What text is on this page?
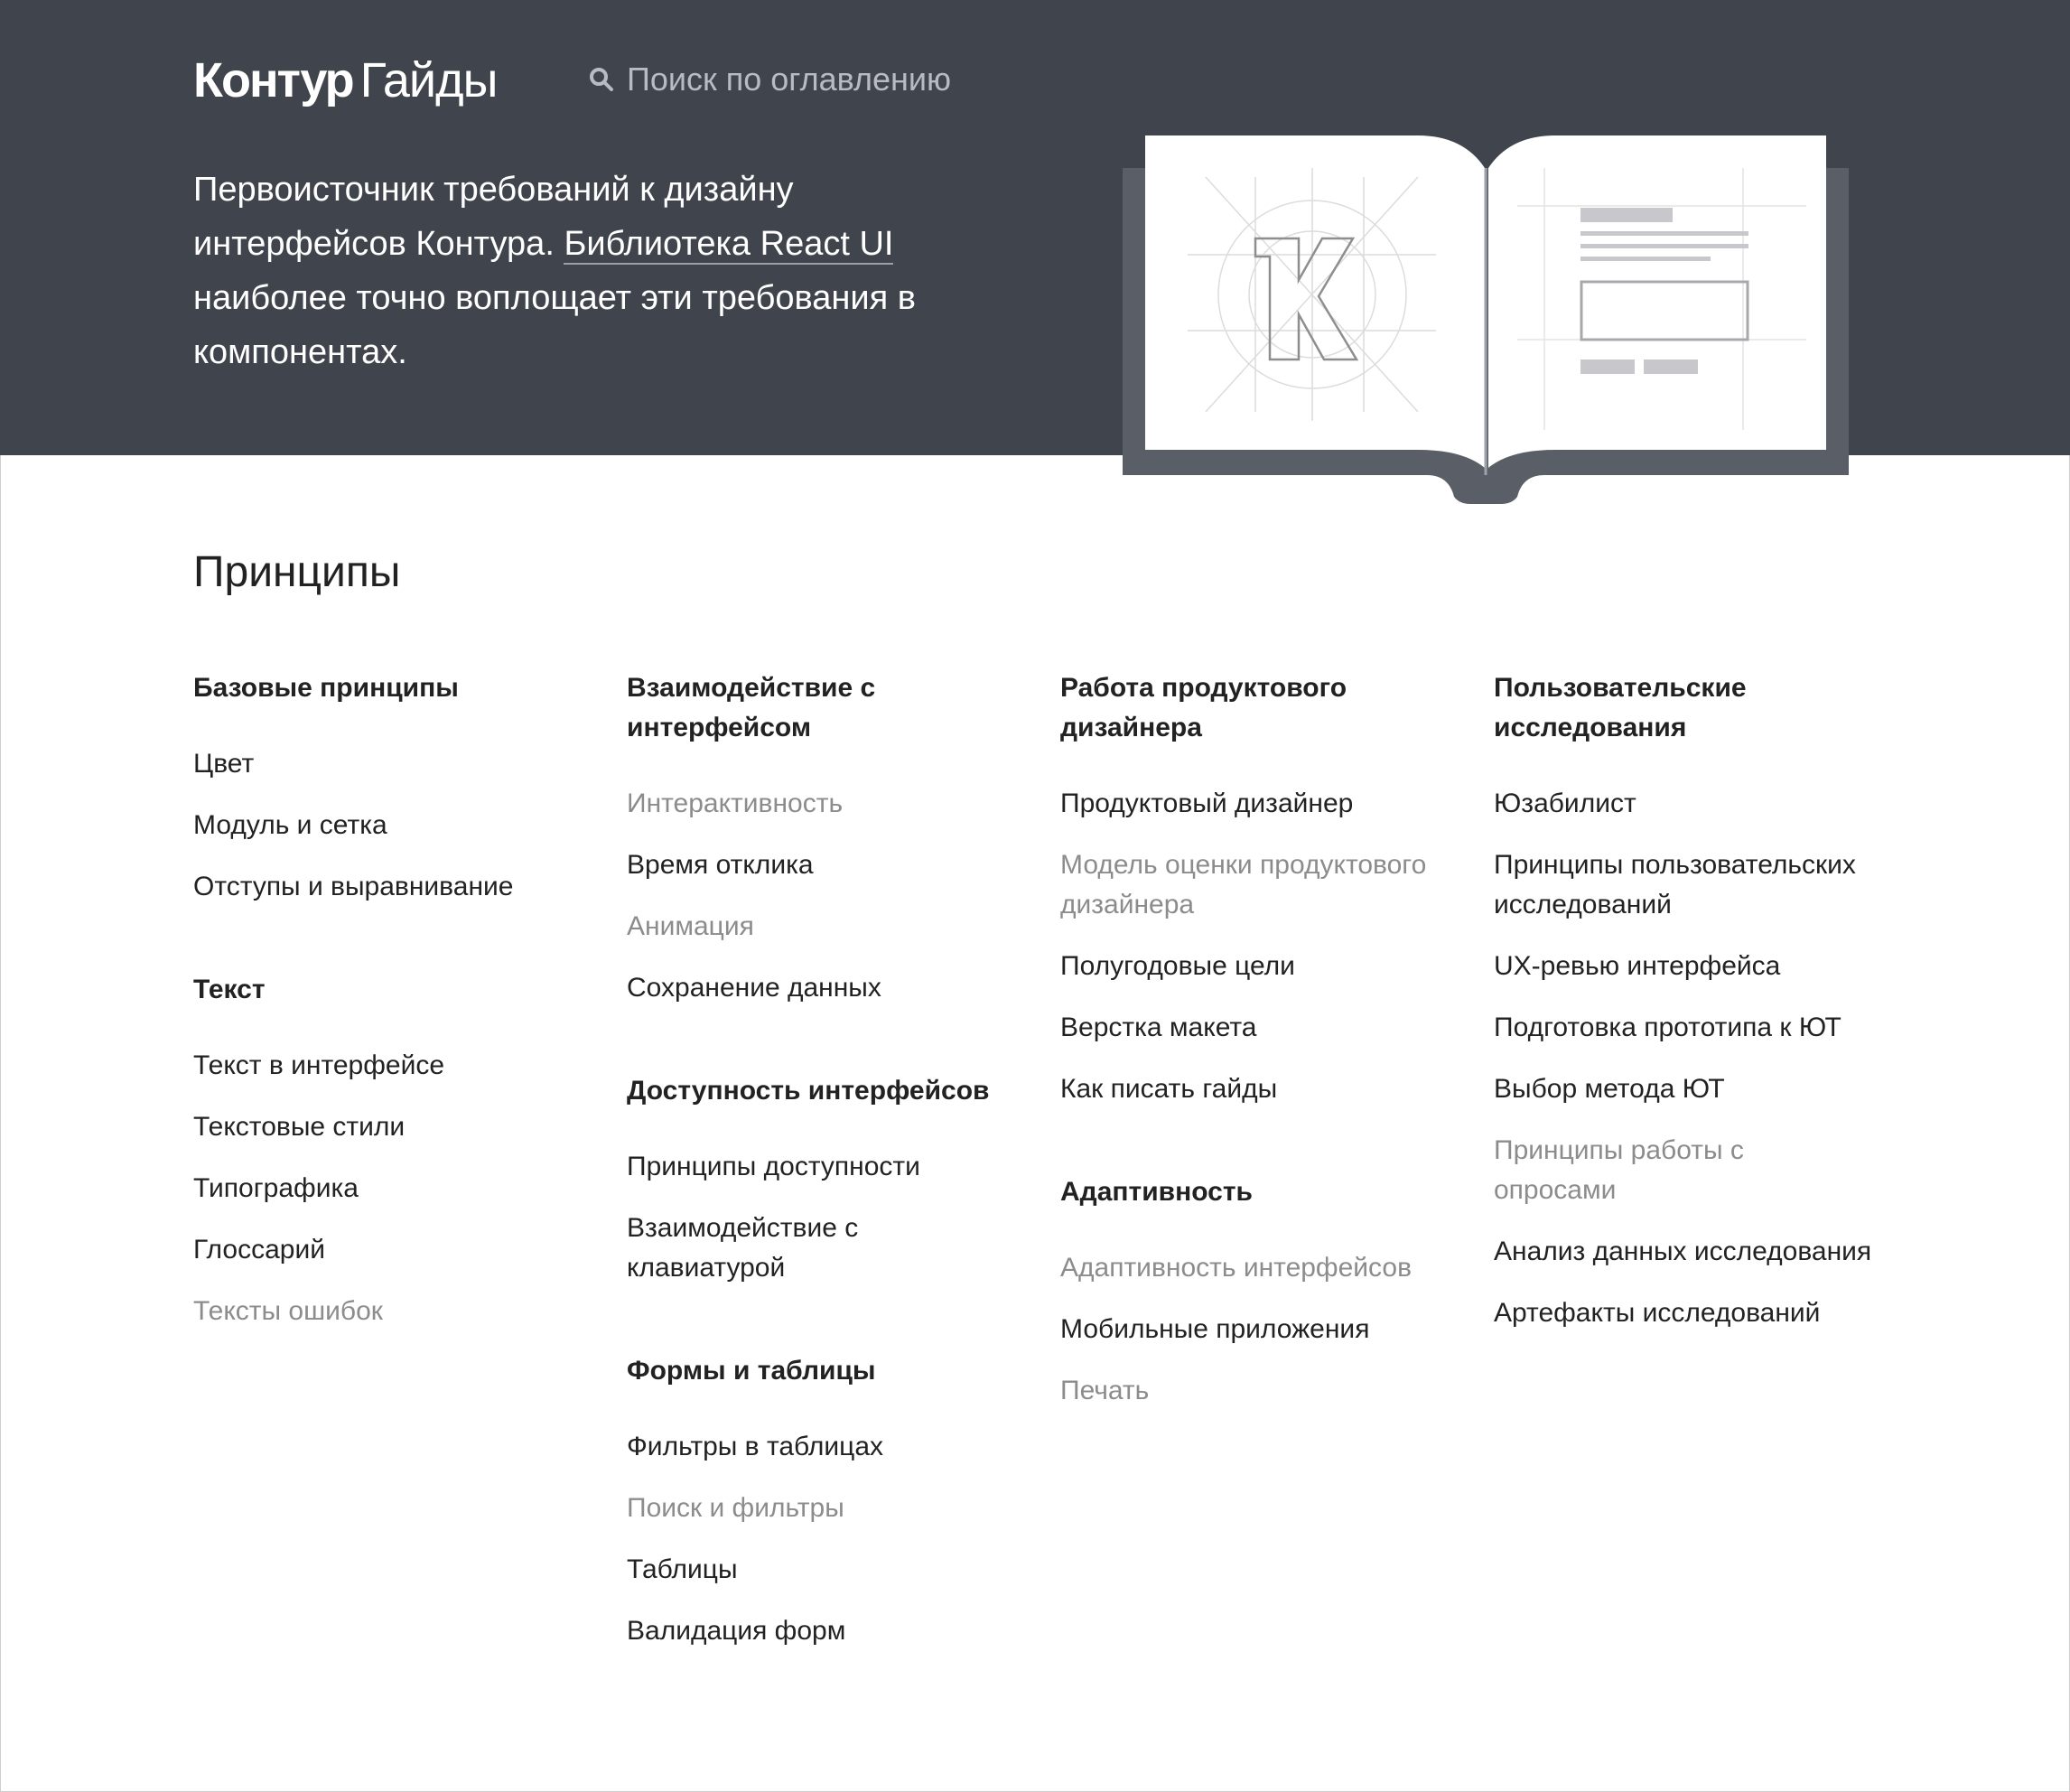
Контур Гайды
Поиск по оглавлению

Первоисточник требований к дизайну интерфейсов Контура. Библиотека React UI наиболее точно воплощает эти требования в компонентах.

Принципы
Базовые принципы
Цвет
Модуль и сетка
Отступы и выравнивание
Текст
Текст в интерфейсе
Текстовые стили
Типографика
Глоссарий
Тексты ошибок
Взаимодействие с интерфейсом
Интерактивность
Время отклика
Анимация
Сохранение данных
Доступность интерфейсов
Принципы доступности
Взаимодействие с клавиатурой
Формы и таблицы
Фильтры в таблицах
Поиск и фильтры
Таблицы
Валидация форм
Работа продуктового дизайнера
Продуктовый дизайнер
Модель оценки продуктового дизайнера
Полугодовые цели
Верстка макета
Как писать гайды
Адаптивность
Адаптивность интерфейсов
Мобильные приложения
Печать
Пользовательские исследования
Юзабилист
Принципы пользовательских исследований
UX-ревью интерфейса
Подготовка прототипа к ЮТ
Выбор метода ЮТ
Принципы работы с опросами
Анализ данных исследования
Артефакты исследований
